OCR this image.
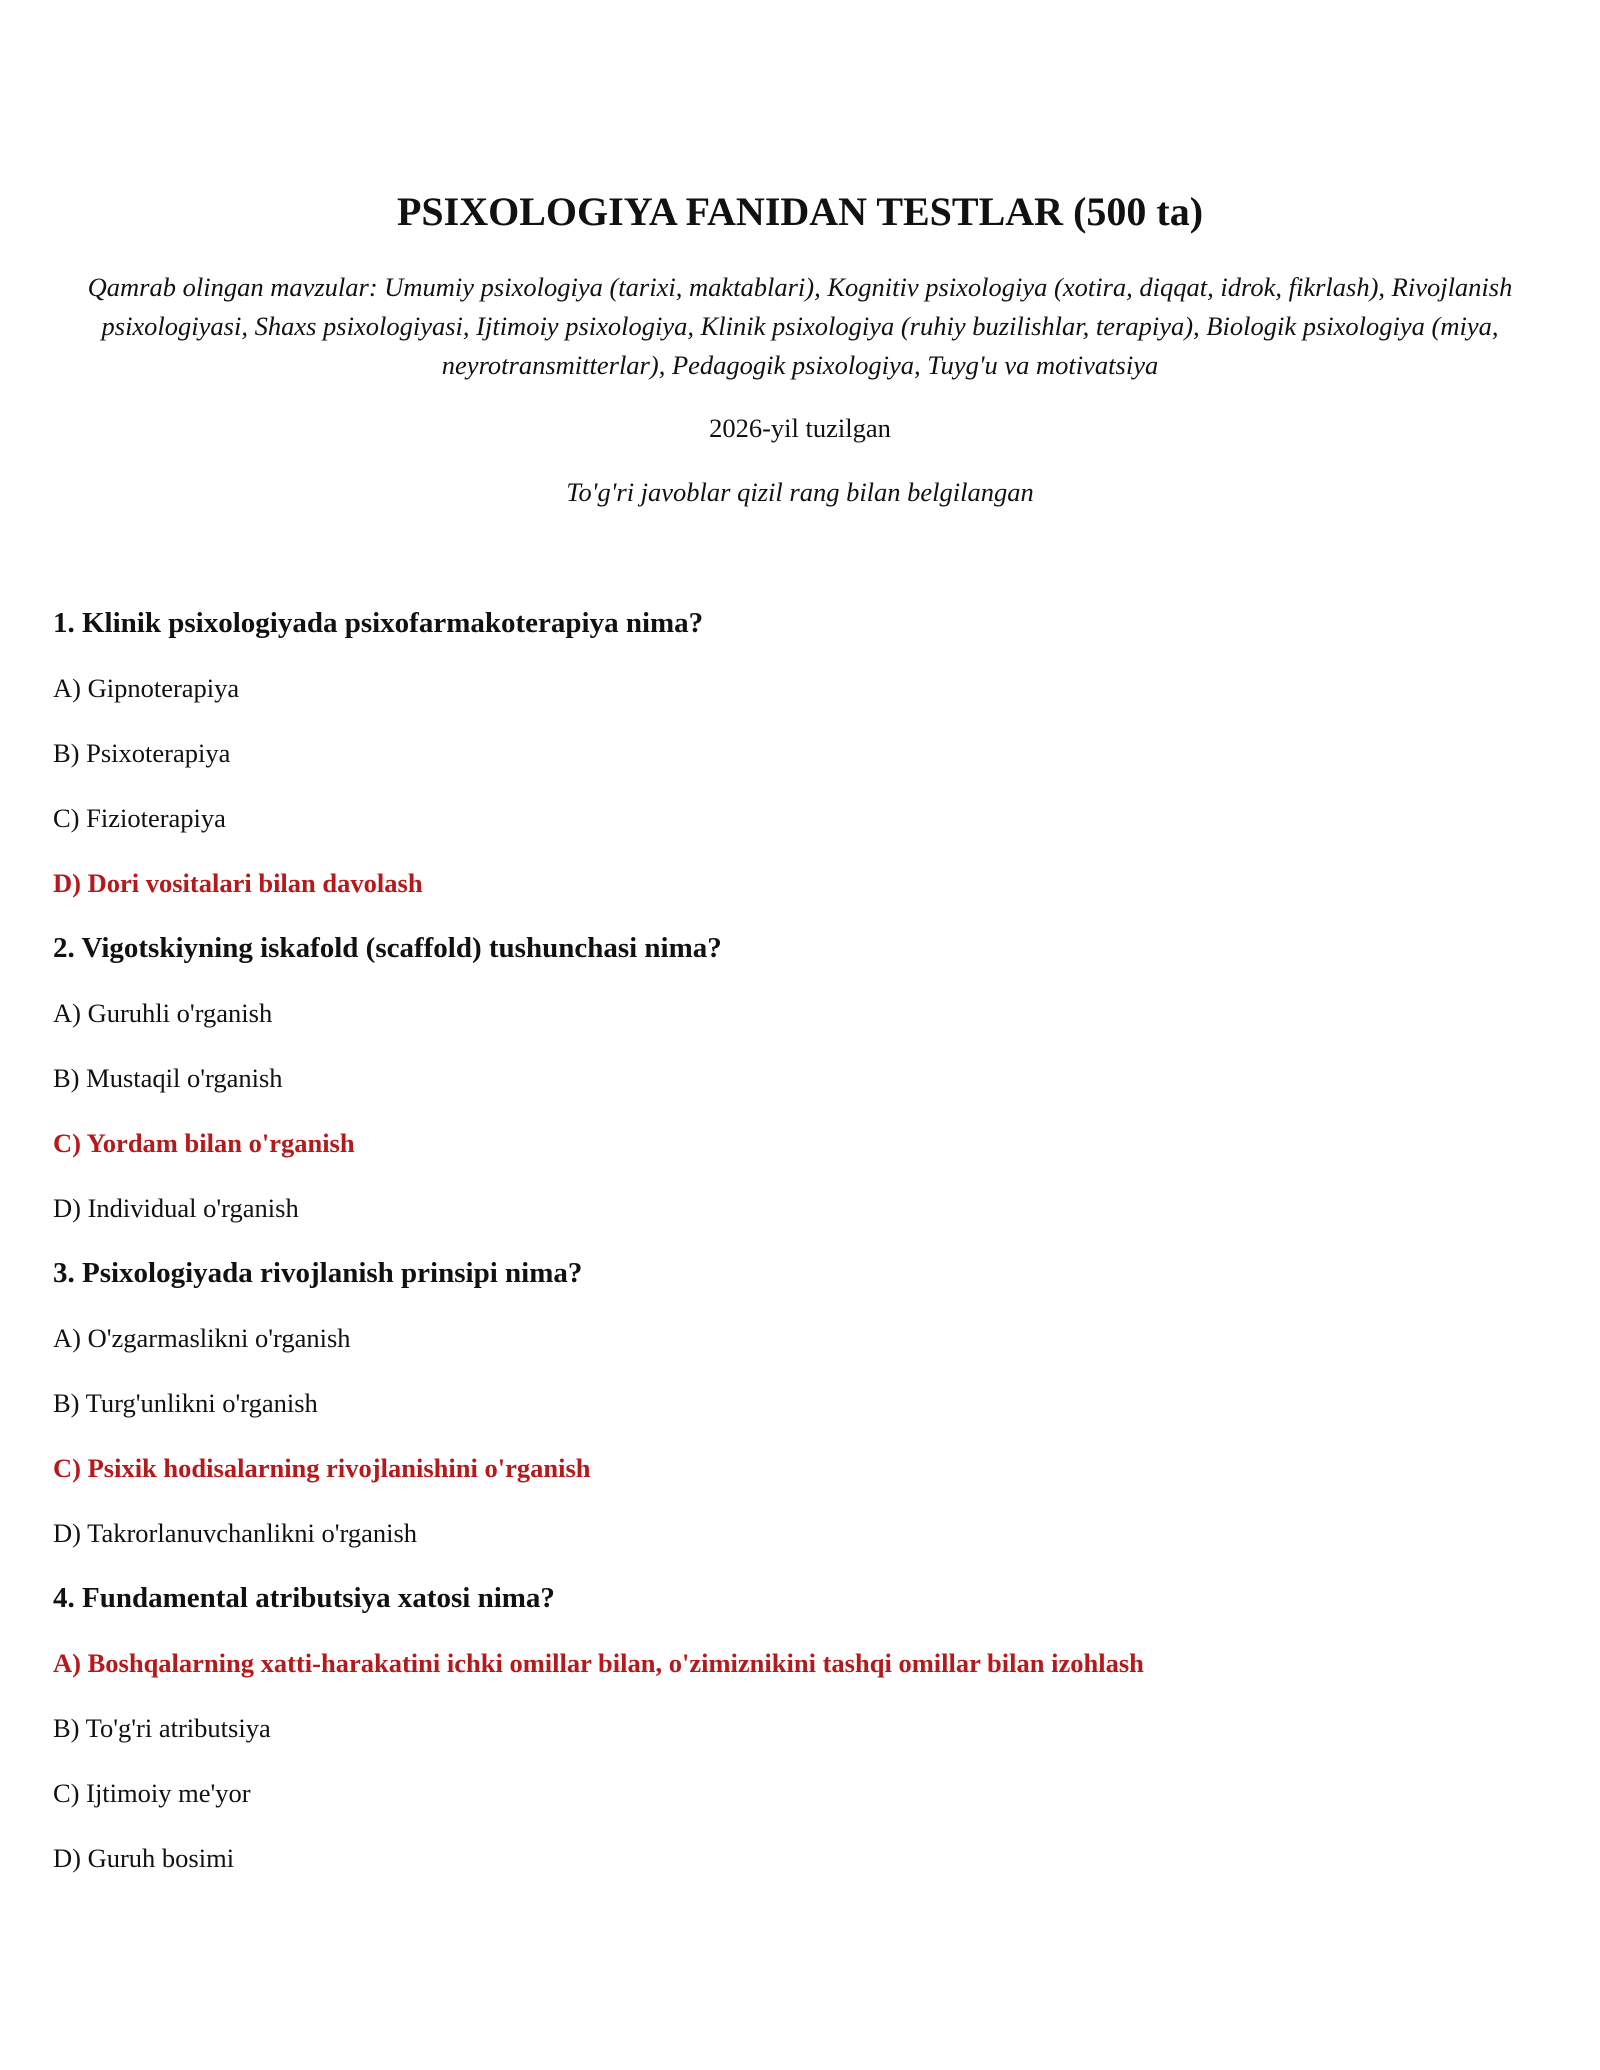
PSIXOLOGIYA FANIDAN TESTLAR (500 ta)

Qamrab olingan mavzular: Umumiy psixologiya (tarixi, maktablari), Kognitiv psixologiya (xotira, diqqat, idrok, fikrlash), Rivojlanish psixologiyasi, Shaxs psixologiyasi, Ijtimoiy psixologiya, Klinik psixologiya (ruhiy buzilishlar, terapiya), Biologik psixologiya (miya, neyrotransmitterlar), Pedagogik psixologiya, Tuyg'u va motivatsiya

2026-yil tuzilgan

To'g'ri javoblar qizil rang bilan belgilangan

1. Klinik psixologiyada psixofarmakoterapiya nima?
A) Gipnoterapiya
B) Psixoterapiya
C) Fizioterapiya
D) Dori vositalari bilan davolash
2. Vigotskiyning iskafold (scaffold) tushunchasi nima?
A) Guruhli o'rganish
B) Mustaqil o'rganish
C) Yordam bilan o'rganish
D) Individual o'rganish
3. Psixologiyada rivojlanish prinsipi nima?
A) O'zgarmaslikni o'rganish
B) Turg'unlikni o'rganish
C) Psixik hodisalarning rivojlanishini o'rganish
D) Takrorlanuvchanlikni o'rganish
4. Fundamental atributsiya xatosi nima?
A) Boshqalarning xatti-harakatini ichki omillar bilan, o'zimiznikini tashqi omillar bilan izohlash
B) To'g'ri atributsiya
C) Ijtimoiy me'yor
D) Guruh bosimi
